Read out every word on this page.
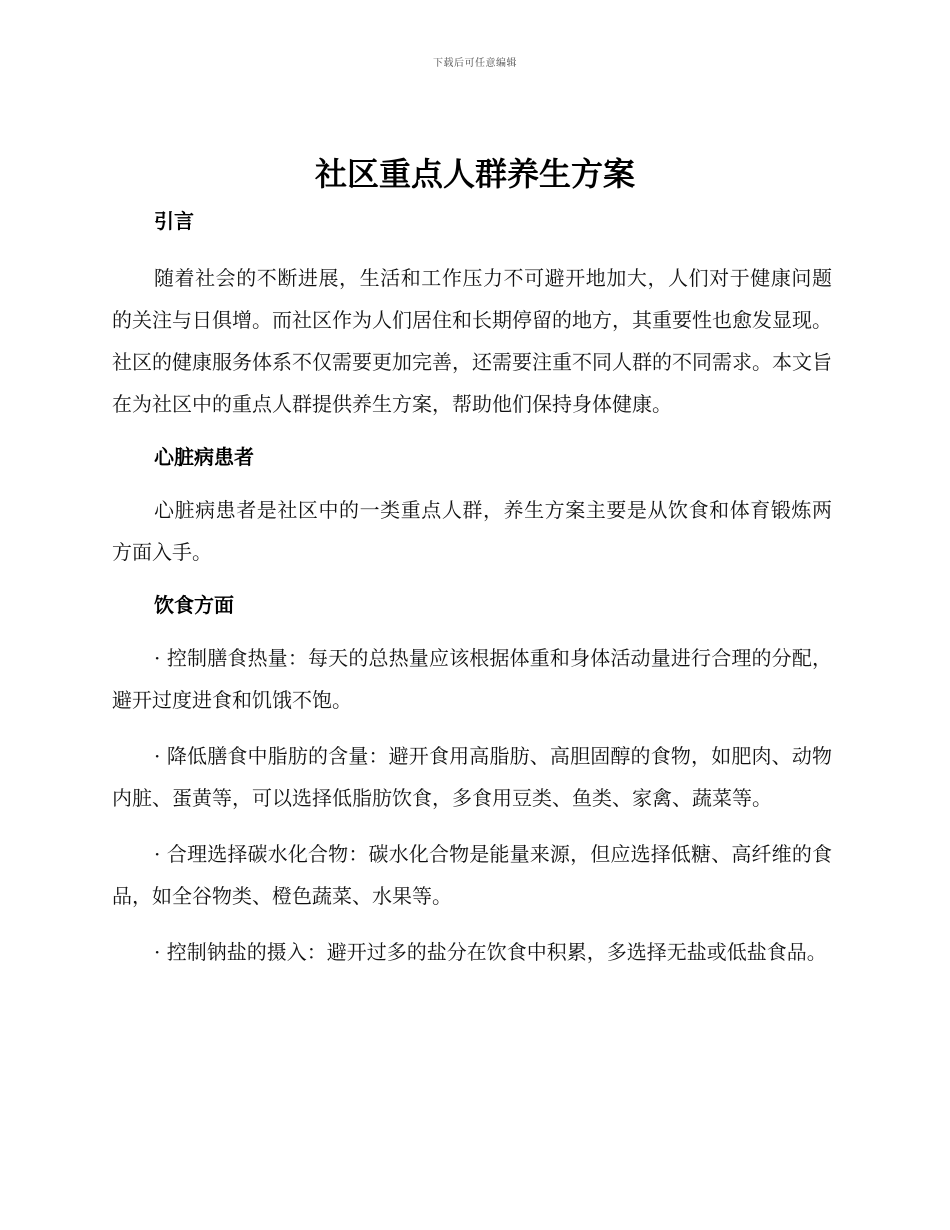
下载后可任意编辑
社区重点人群养生方案
引言

随着社会的不断进展，生活和工作压力不可避开地加大，人们对于健康问题的关注与日俱增。而社区作为人们居住和长期停留的地方，其重要性也愈发显现。社区的健康服务体系不仅需要更加完善，还需要注重不同人群的不同需求。本文旨在为社区中的重点人群提供养生方案，帮助他们保持身体健康。

心脏病患者

心脏病患者是社区中的一类重点人群，养生方案主要是从饮食和体育锻炼两方面入手。

饮食方面

· 控制膳食热量：每天的总热量应该根据体重和身体活动量进行合理的分配，避开过度进食和饥饿不饱。

· 降低膳食中脂肪的含量：避开食用高脂肪、高胆固醇的食物，如肥肉、动物内脏、蛋黄等，可以选择低脂肪饮食，多食用豆类、鱼类、家禽、蔬菜等。

· 合理选择碳水化合物：碳水化合物是能量来源，但应选择低糖、高纤维的食品，如全谷物类、橙色蔬菜、水果等。

· 控制钠盐的摄入：避开过多的盐分在饮食中积累，多选择无盐或低盐食品。
